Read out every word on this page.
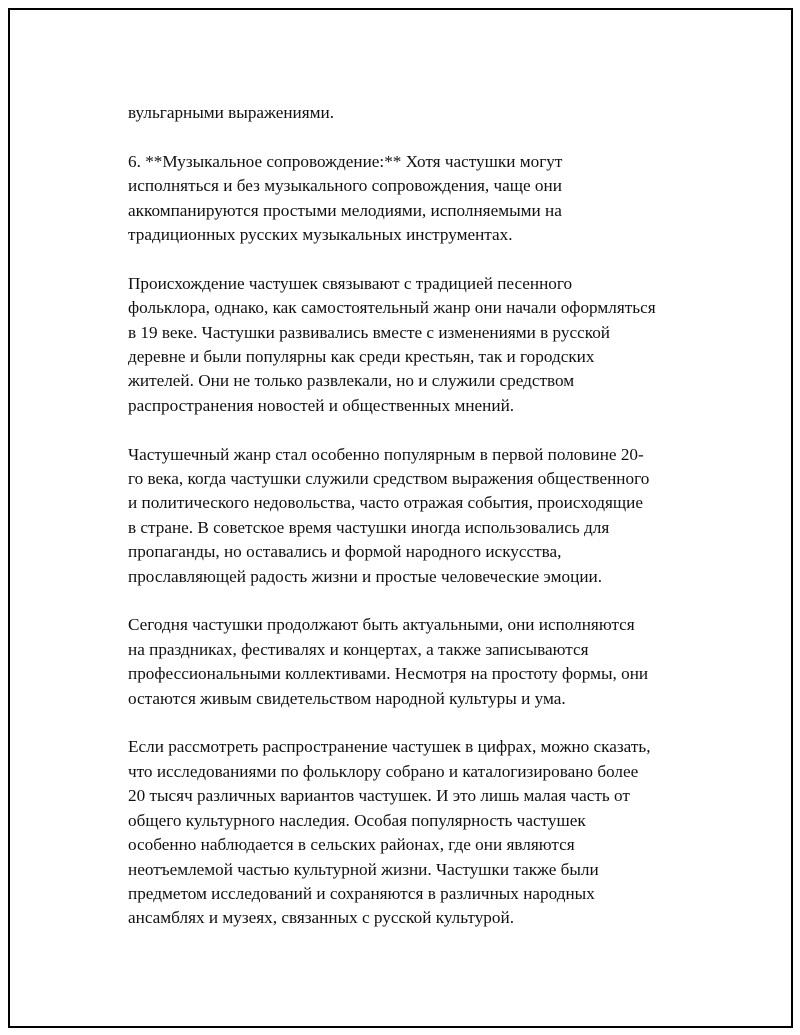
вульгарными выражениями.

6. **Музыкальное сопровождение:** Хотя частушки могут
исполняться и без музыкального сопровождения, чаще они
аккомпанируются простыми мелодиями, исполняемыми на
традиционных русских музыкальных инструментах.

Происхождение частушек связывают с традицией песенного
фольклора, однако, как самостоятельный жанр они начали оформляться
в 19 веке. Частушки развивались вместе с изменениями в русской
деревне и были популярны как среди крестьян, так и городских
жителей. Они не только развлекали, но и служили средством
распространения новостей и общественных мнений.

Частушечный жанр стал особенно популярным в первой половине 20-
го века, когда частушки служили средством выражения общественного
и политического недовольства, часто отражая события, происходящие
в стране. В советское время частушки иногда использовались для
пропаганды, но оставались и формой народного искусства,
прославляющей радость жизни и простые человеческие эмоции.

Сегодня частушки продолжают быть актуальными, они исполняются
на праздниках, фестивалях и концертах, а также записываются
профессиональными коллективами. Несмотря на простоту формы, они
остаются живым свидетельством народной культуры и ума.

Если рассмотреть распространение частушек в цифрах, можно сказать,
что исследованиями по фольклору собрано и каталогизировано более
20 тысяч различных вариантов частушек. И это лишь малая часть от
общего культурного наследия. Особая популярность частушек
особенно наблюдается в сельских районах, где они являются
неотъемлемой частью культурной жизни. Частушки также были
предметом исследований и сохраняются в различных народных
ансамблях и музеях, связанных с русской культурой.
